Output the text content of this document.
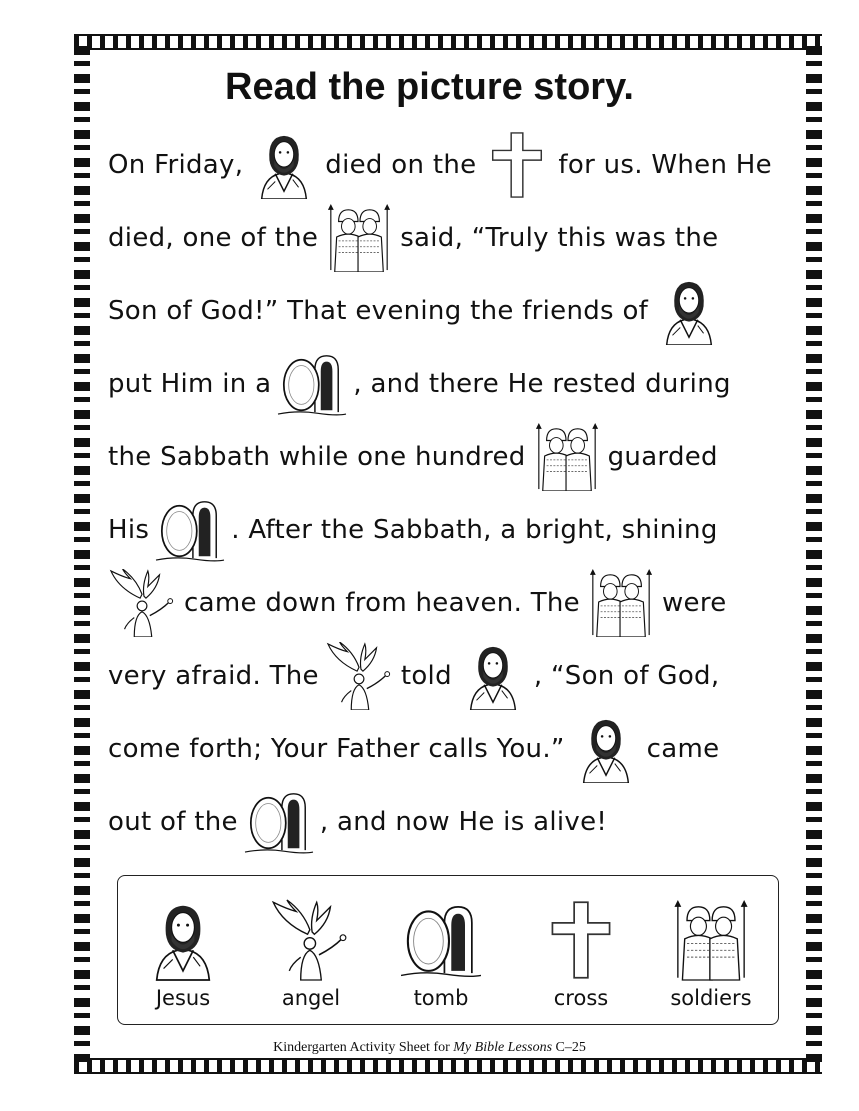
Read the picture story.
On Friday,	died on the	for us. When He
died, one of the	said, “Truly this was the
Son of God!” That evening the friends of
put Him in a	, and there He rested during
the Sabbath while one hundred	guarded
His	. After the Sabbath, a bright, shining
came down from heaven. The	were
very afraid. The	told	, “Son of God,
come forth; Your Father calls You.”	came
out of the	, and now He is alive!
Jesus	angel	tomb	cross	soldiers
Kindergarten Activity Sheet for My Bible Lessons C–25
